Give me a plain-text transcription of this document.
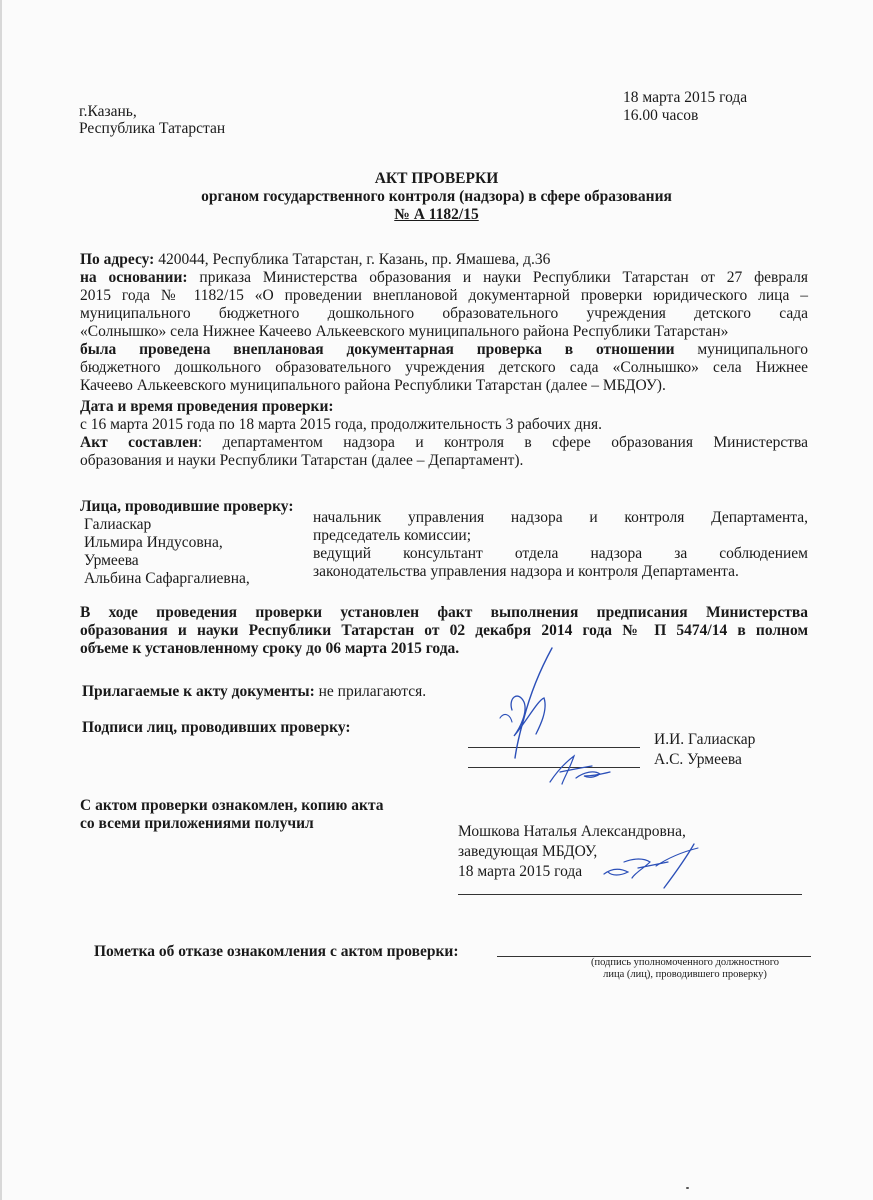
г.Казань,
Республика Татарстан
18 марта 2015 года
16.00 часов
АКТ ПРОВЕРКИ
органом государственного контроля (надзора) в сфере образования
№ А 1182/15
По адресу: 420044, Республика Татарстан, г. Казань, пр. Ямашева, д.36
на основании: приказа Министерства образования и науки Республики Татарстан от 27 февраля
2015 года № 1182/15 «О проведении внеплановой документарной проверки юридического лица –
муниципального бюджетного дошкольного образовательного учреждения детского сада
«Солнышко» села Нижнее Качеево Алькеевского муниципального района Республики Татарстан»
была проведена внеплановая документарная проверка в отношении муниципального
бюджетного дошкольного образовательного учреждения детского сада «Солнышко» села Нижнее
Качеево Алькеевского муниципального района Республики Татарстан (далее – МБДОУ).
Дата и время проведения проверки:
с 16 марта 2015 года по 18 марта 2015 года, продолжительность 3 рабочих дня.
Акт составлен: департаментом надзора и контроля в сфере образования Министерства
образования и науки Республики Татарстан (далее – Департамент).
Лица, проводившие проверку:
Галиаскар
Ильмира Индусовна,
Урмеева
Альбина Сафаргалиевна,
начальник управления надзора и контроля Департамента,
председатель комиссии;
ведущий консультант отдела надзора за соблюдением
законодательства управления надзора и контроля Департамента.
В ходе проведения проверки установлен факт выполнения предписания Министерства
образования и науки Республики Татарстан от 02 декабря 2014 года № П 5474/14 в полном
объеме к установленному сроку до 06 марта 2015 года.
Прилагаемые к акту документы: не прилагаются.
Подписи лиц, проводивших проверку:
И.И. Галиаскар
А.С. Урмеева
С актом проверки ознакомлен, копию акта
со всеми приложениями получил	Мошкова Наталья Александровна,
заведующая МБДОУ,
18 марта 2015 года
Пометка об отказе ознакомления с актом проверки:
(подпись уполномоченного должностного
лица (лиц), проводившего проверку)
